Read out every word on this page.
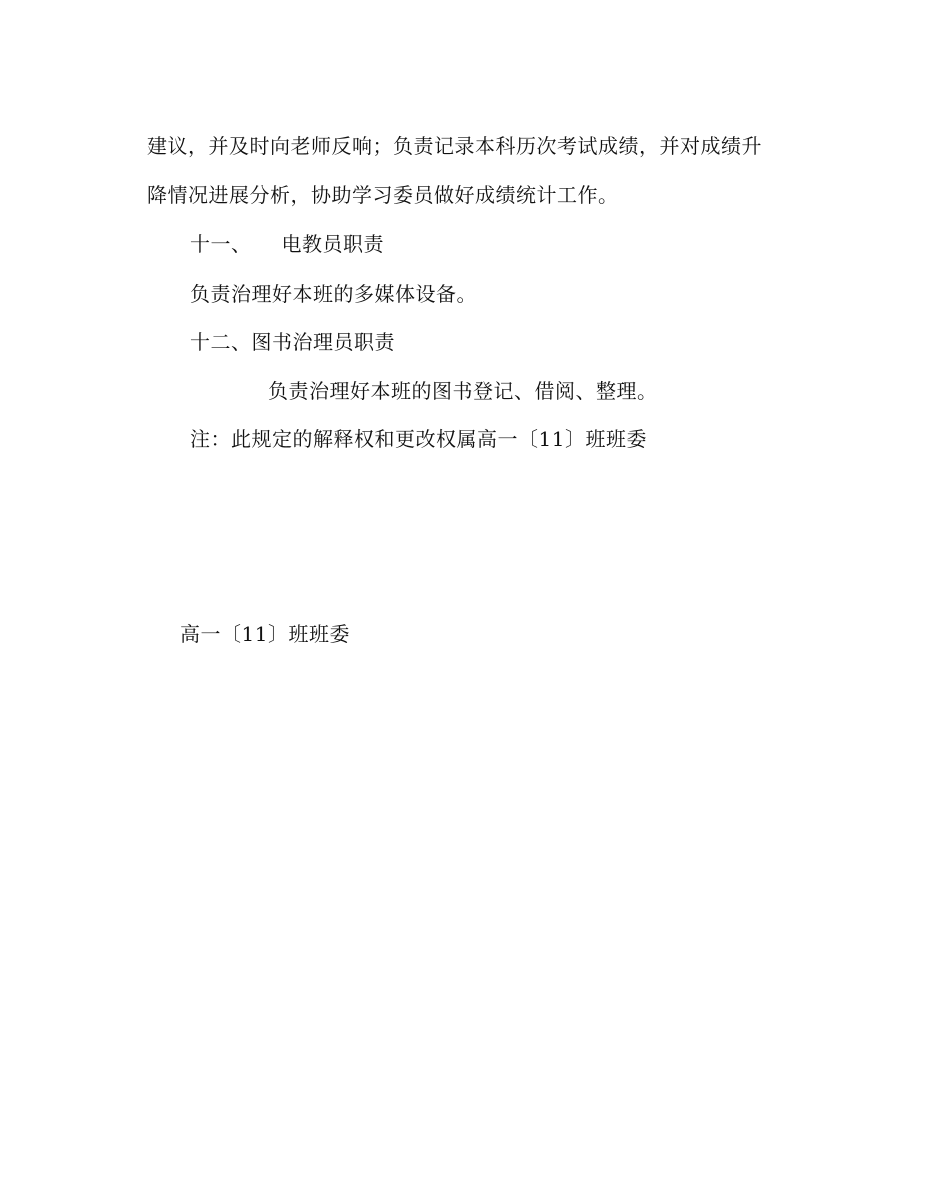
建议，并及时向老师反响；负责记录本科历次考试成绩，并对成绩升
降情况进展分析，协助学习委员做好成绩统计工作。
十一、 电教员职责
负责治理好本班的多媒体设备。
十二、图书治理员职责
负责治理好本班的图书登记、借阅、整理。
注：此规定的解释权和更改权属高一〔11〕班班委
高一〔11〕班班委
